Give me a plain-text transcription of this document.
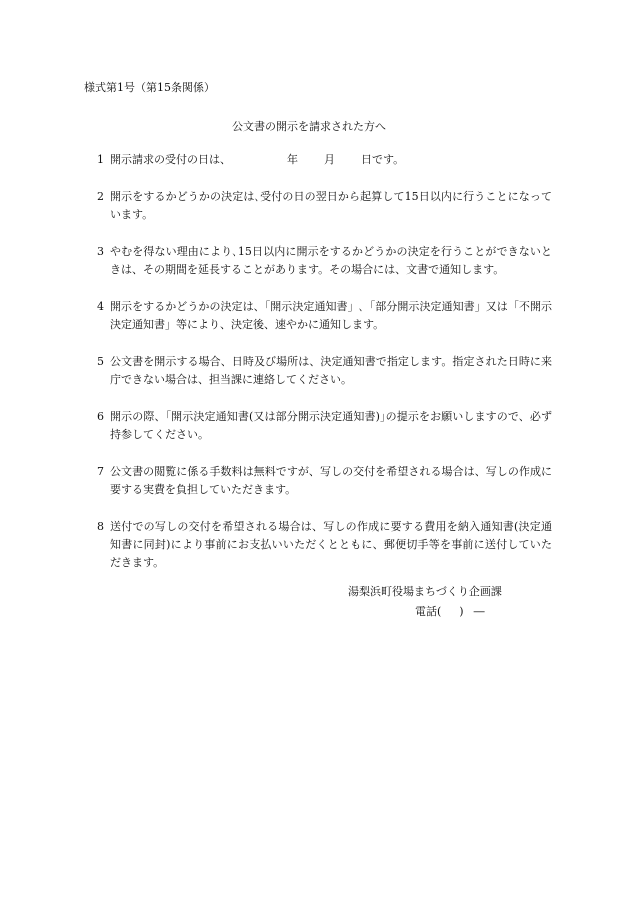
様式第1号（第15条関係）
公文書の開示を請求された方へ
1 開示請求の受付の日は、	年 月 日です。
2 開示をするかどうかの決定は､受付の日の翌日から起算して15日以内に行うことになっています。
3 やむを得ない理由により､15日以内に開示をするかどうかの決定を行うことができないときは、その期間を延長することがあります。その場合には、文書で通知します。
4 開示をするかどうかの決定は、「開示決定通知書」､「部分開示決定通知書」又は「不開示決定通知書」等により、決定後、速やかに通知します。
5 公文書を開示する場合、日時及び場所は、決定通知書で指定します。指定された日時に来庁できない場合は、担当課に連絡してください。
6 開示の際、｢開示決定通知書(又は部分開示決定通知書)｣の提示をお願いしますので、必ず持参してください。
7 公文書の閲覧に係る手数料は無料ですが、写しの交付を希望される場合は、写しの作成に要する実費を負担していただきます。
8 送付での写しの交付を希望される場合は、写しの作成に要する費用を納入通知書(決定通知書に同封)により事前にお支払いいただくとともに、郵便切手等を事前に送付していただきます。
湯梨浜町役場まちづくり企画課
電話( ) ―
